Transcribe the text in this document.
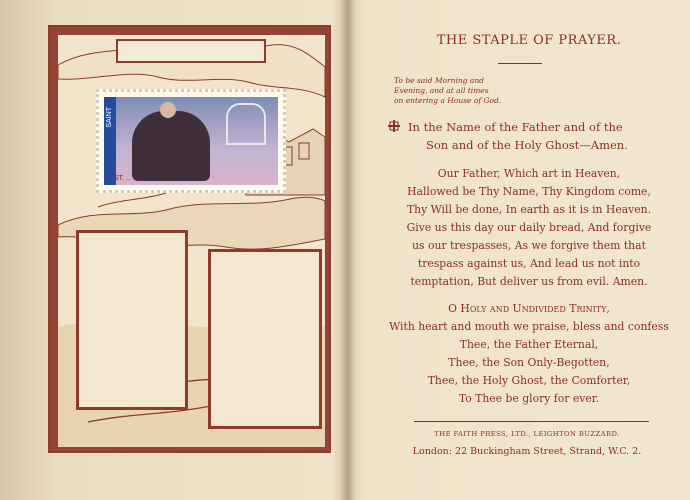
SAINT
ST. ...
THE STAPLE OF PRAYER.
To be said Morning and
Evening, and at all times
on entering a House of God.
In the Name of the Father and of the
Son and of the Holy Ghost—Amen.
Our Father, Which art in Heaven,
Hallowed be Thy Name, Thy Kingdom come,
Thy Will be done, In earth as it is in Heaven.
Give us this day our daily bread, And forgive
us our trespasses, As we forgive them that
trespass against us, And lead us not into
temptation, But deliver us from evil. Amen.
O Holy and Undivided Trinity,
With heart and mouth we praise, bless and confess
Thee, the Father Eternal,
Thee, the Son Only-Begotten,
Thee, the Holy Ghost, the Comforter,
To Thee be glory for ever.
THE FAITH PRESS, LTD., LEIGHTON BUZZARD.
London: 22 Buckingham Street, Strand, W.C. 2.
